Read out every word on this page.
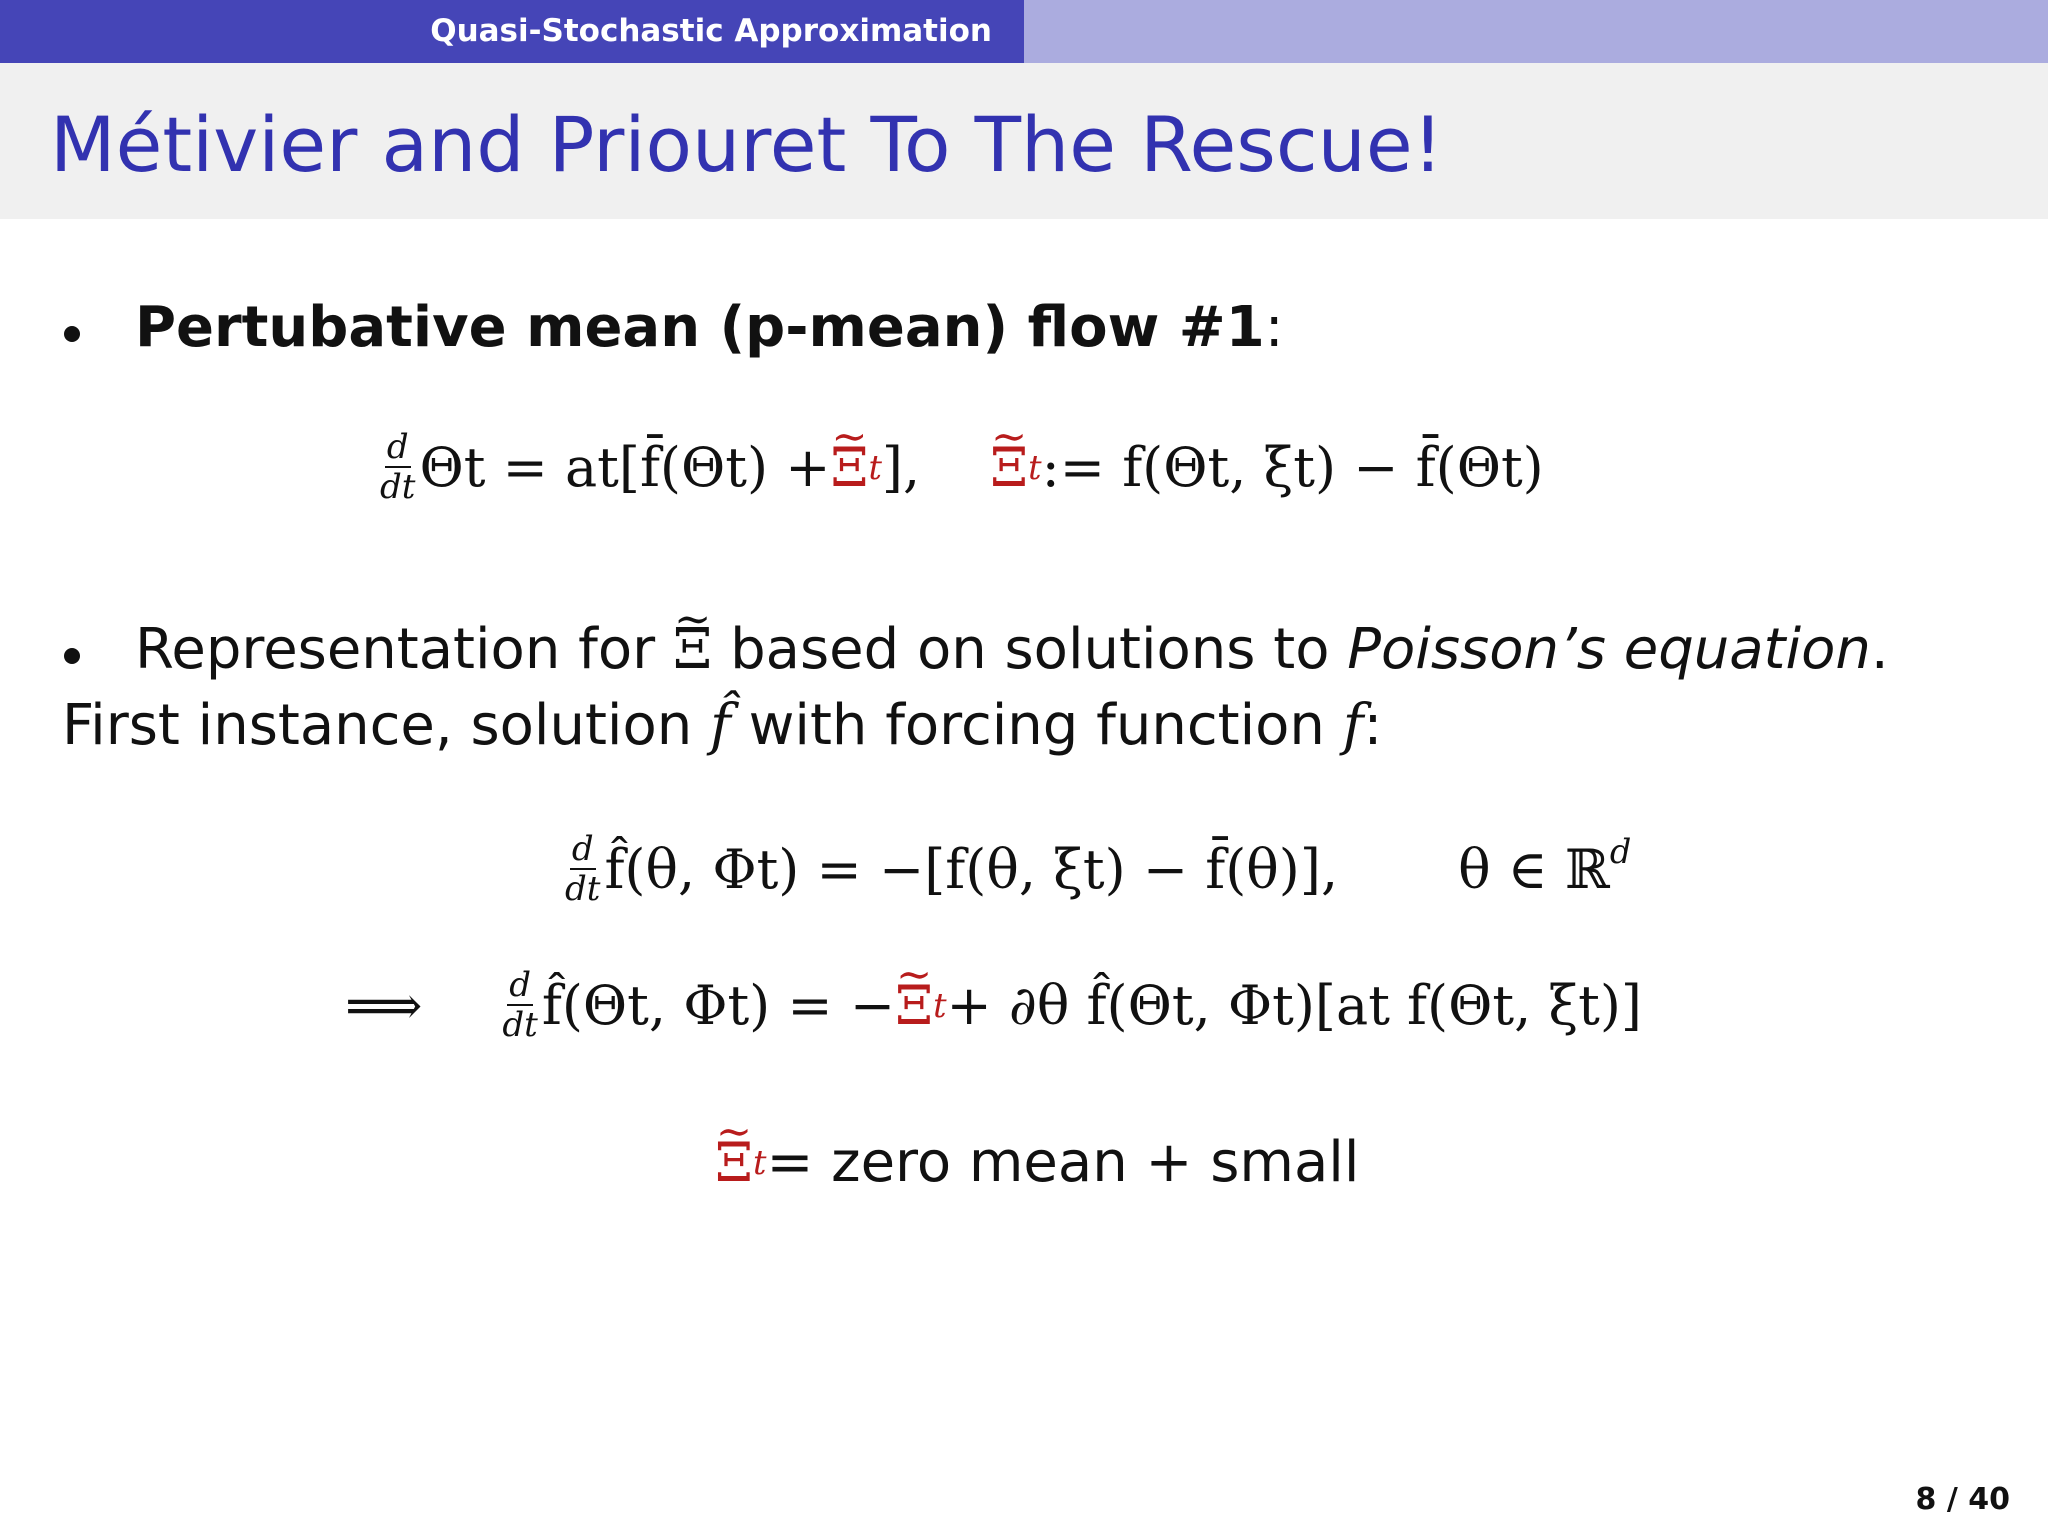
Quasi-Stochastic Approximation
Métivier and Priouret To The Rescue!
Pertubative mean (p-mean) flow #1:
$\frac{d}{dt}$ Θt = at[f̄(Θt) + ∼ Ξ t ], ∼ Ξ t := f(Θt, ξt) − f̄(Θt)
Representation for ∼ Ξ based on solutions to Poisson’s equation.
First instance, solution f̂ with forcing function f:
$\frac{d}{dt}$ f̂(θ, Φt) = −[f(θ, ξt) − f̄(θ)], θ ∈ ℝ$^d$
⟹ $\frac{d}{dt}$ f̂(Θt, Φt) = − ∼ Ξ t + ∂θ f̂(Θt, Φt)[at f(Θt, ξt)]
∼ Ξ t = zero mean + small
8 / 40
